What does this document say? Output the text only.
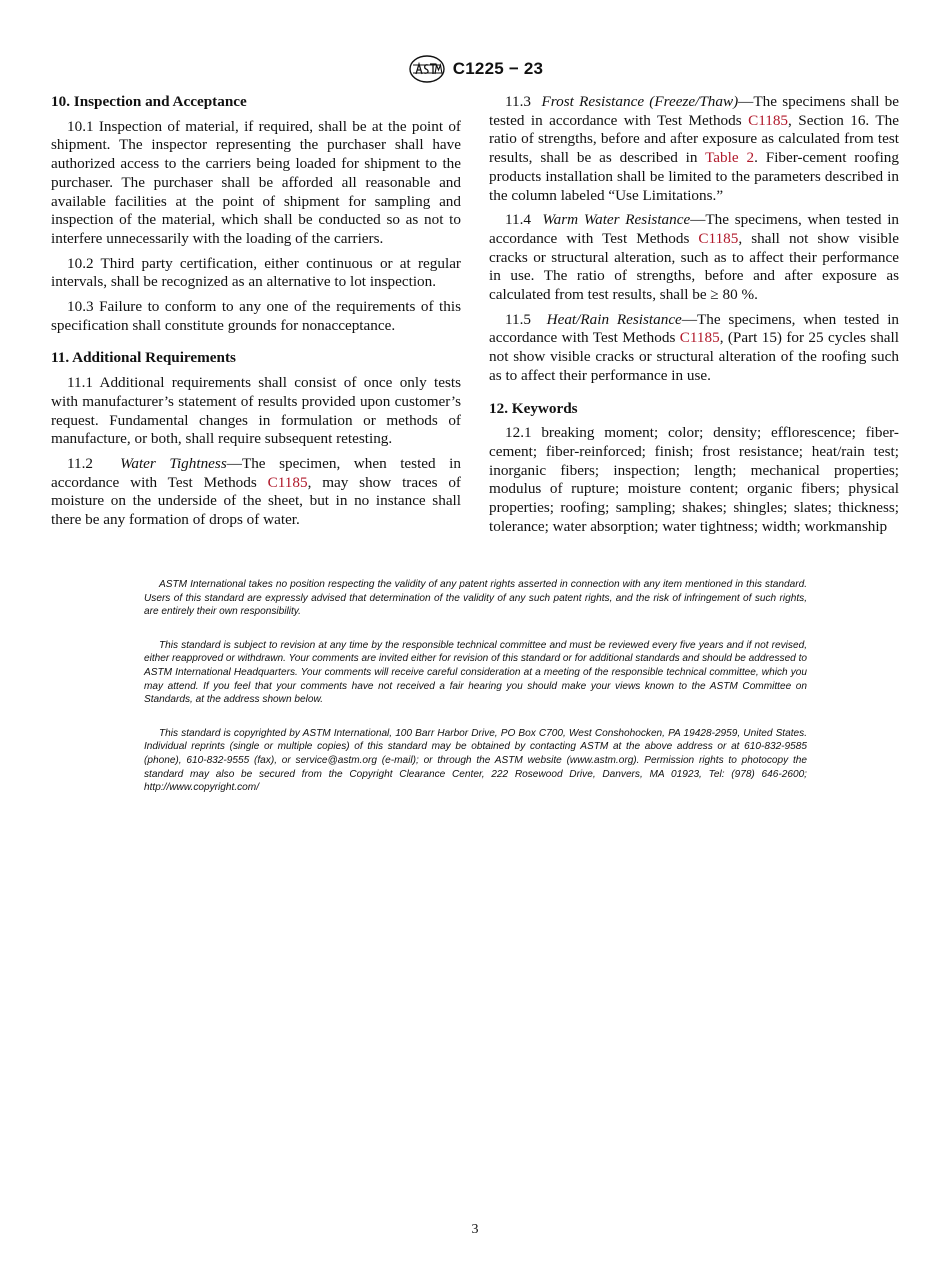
C1225 − 23
10. Inspection and Acceptance

10.1 Inspection of material, if required, shall be at the point of shipment. The inspector representing the purchaser shall have authorized access to the carriers being loaded for shipment to the purchaser. The purchaser shall be afforded all reasonable and available facilities at the point of shipment for sampling and inspection of the material, which shall be conducted so as not to interfere unnecessarily with the loading of the carriers.

10.2 Third party certification, either continuous or at regular intervals, shall be recognized as an alternative to lot inspection.

10.3 Failure to conform to any one of the requirements of this specification shall constitute grounds for nonacceptance.

11. Additional Requirements

11.1 Additional requirements shall consist of once only tests with manufacturer’s statement of results provided upon customer’s request. Fundamental changes in formulation or methods of manufacture, or both, shall require subsequent retesting.

11.2 Water Tightness—The specimen, when tested in accordance with Test Methods C1185, may show traces of moisture on the underside of the sheet, but in no instance shall there be any formation of drops of water.

11.3 Frost Resistance (Freeze/Thaw)—The specimens shall be tested in accordance with Test Methods C1185, Section 16. The ratio of strengths, before and after exposure as calculated from test results, shall be as described in Table 2. Fiber-cement roofing products installation shall be limited to the parameters described in the column labeled “Use Limitations.”

11.4 Warm Water Resistance—The specimens, when tested in accordance with Test Methods C1185, shall not show visible cracks or structural alteration, such as to affect their performance in use. The ratio of strengths, before and after exposure as calculated from test results, shall be ≥ 80 %.

11.5 Heat/Rain Resistance—The specimens, when tested in accordance with Test Methods C1185, (Part 15) for 25 cycles shall not show visible cracks or structural alteration of the roofing such as to affect their performance in use.

12. Keywords

12.1 breaking moment; color; density; efflorescence; fiber-cement; fiber-reinforced; finish; frost resistance; heat/rain test; inorganic fibers; inspection; length; mechanical properties; modulus of rupture; moisture content; organic fibers; physical properties; roofing; sampling; shakes; shingles; slates; thickness; tolerance; water absorption; water tightness; width; workmanship

ASTM International takes no position respecting the validity of any patent rights asserted in connection with any item mentioned in this standard. Users of this standard are expressly advised that determination of the validity of any such patent rights, and the risk of infringement of such rights, are entirely their own responsibility.

This standard is subject to revision at any time by the responsible technical committee and must be reviewed every five years and if not revised, either reapproved or withdrawn. Your comments are invited either for revision of this standard or for additional standards and should be addressed to ASTM International Headquarters. Your comments will receive careful consideration at a meeting of the responsible technical committee, which you may attend. If you feel that your comments have not received a fair hearing you should make your views known to the ASTM Committee on Standards, at the address shown below.

This standard is copyrighted by ASTM International, 100 Barr Harbor Drive, PO Box C700, West Conshohocken, PA 19428-2959, United States. Individual reprints (single or multiple copies) of this standard may be obtained by contacting ASTM at the above address or at 610-832-9585 (phone), 610-832-9555 (fax), or service@astm.org (e-mail); or through the ASTM website (www.astm.org). Permission rights to photocopy the standard may also be secured from the Copyright Clearance Center, 222 Rosewood Drive, Danvers, MA 01923, Tel: (978) 646-2600; http://www.copyright.com/

3
